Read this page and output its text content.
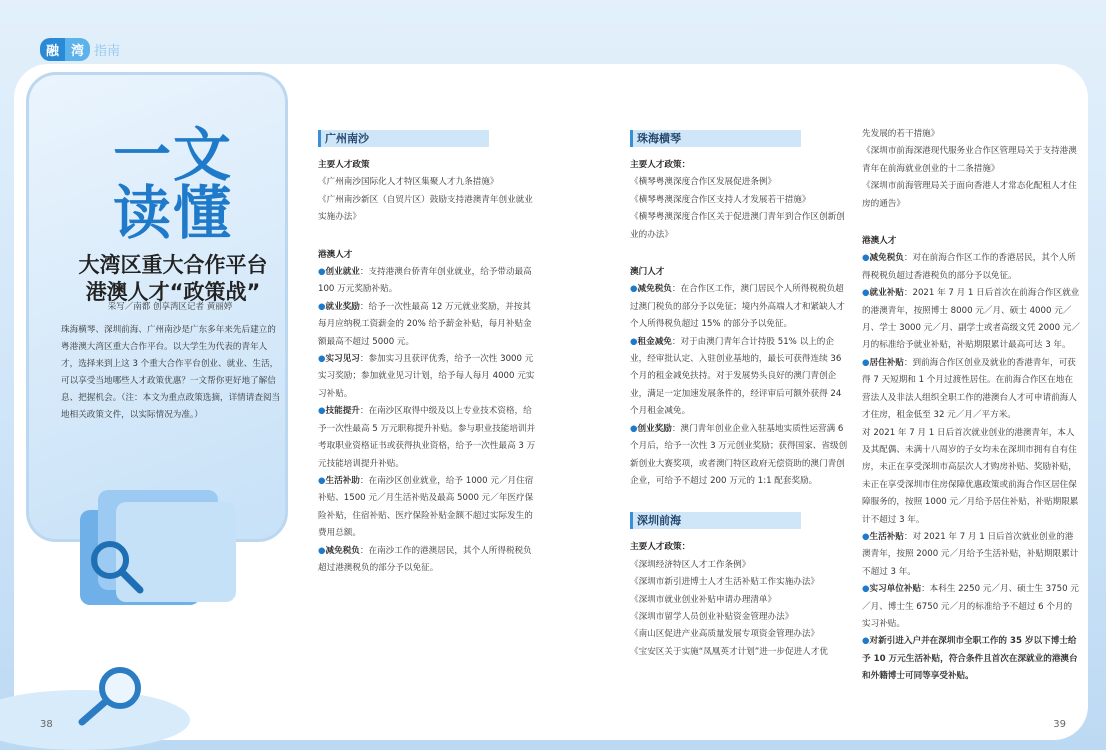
融 湾 指南
一文
读懂
大湾区重大合作平台
港澳人才“政策战”
采写／南都 创享湾区记者 黄丽婷
珠海横琴、深圳前海、广州南沙是广东多年来先后建立的粤港澳大湾区重大合作平台。以大学生为代表的青年人才，选择来到上这 3 个重大合作平台创业、就业、生活，可以享受当地哪些人才政策优惠？一文帮你更好地了解信息、把握机会。（注：本文为重点政策选摘，详情请查阅当地相关政策文件，以实际情况为准。）
广州南沙
主要人才政策
《广州南沙国际化人才特区集聚人才九条措施》
《广州南沙新区（自贸片区）鼓励支持港澳青年创业就业实施办法》
港澳人才
●创业就业：支持港澳台侨青年创业就业，给予带动最高 100 万元奖励补贴。
●就业奖励：给予一次性最高 12 万元就业奖励，并按其每月应纳税工资薪金的 20% 给予薪金补贴，每月补贴金额最高不超过 5000 元。
●实习见习：参加实习且获评优秀，给予一次性 3000 元实习奖励；参加就业见习计划，给予每人每月 4000 元实习补贴。
●技能提升：在南沙区取得中级及以上专业技术资格，给予一次性最高 5 万元职称提升补贴。参与职业技能培训并考取职业资格证书或获得执业资格，给予一次性最高 3 万元技能培训提升补贴。
●生活补助：在南沙区创业就业，给予 1000 元／月住宿补贴、1500 元／月生活补贴及最高 5000 元／年医疗保险补贴，住宿补贴、医疗保险补贴金额不超过实际发生的费用总额。
●减免税负：在南沙工作的港澳居民，其个人所得税税负超过港澳税负的部分予以免征。
珠海横琴
主要人才政策：
《横琴粤澳深度合作区发展促进条例》
《横琴粤澳深度合作区支持人才发展若干措施》
《横琴粤澳深度合作区关于促进澳门青年到合作区创新创业的办法》
澳门人才
●减免税负：在合作区工作，澳门居民个人所得税税负超过澳门税负的部分予以免征；境内外高端人才和紧缺人才个人所得税负超过 15% 的部分予以免征。
●租金减免：对于由澳门青年合计持股 51% 以上的企业，经审批认定、入驻创业基地的，最长可获得连续 36 个月的租金减免扶持。对于发展势头良好的澳门青创企业，满足一定加速发展条件的，经评审后可额外获得 24 个月租金减免。
●创业奖励：澳门青年创业企业入驻基地实质性运营满 6 个月后，给予一次性 3 万元创业奖励；获得国家、省级创新创业大赛奖项，或者澳门特区政府无偿资助的澳门青创企业，可给予不超过 200 万元的 1:1 配套奖励。
深圳前海
主要人才政策：
《深圳经济特区人才工作条例》
《深圳市新引进博士人才生活补贴工作实施办法》
《深圳市就业创业补贴申请办理清单》
《深圳市留学人员创业补贴资金管理办法》
《南山区促进产业高质量发展专项资金管理办法》
《宝安区关于实施“凤凰英才计划”进一步促进人才优
先发展的若干措施》
《深圳市前海深港现代服务业合作区管理局关于支持港澳青年在前海就业创业的十二条措施》
《深圳市前海管理局关于面向香港人才常态化配租人才住房的通告》
港澳人才
●减免税负：对在前海合作区工作的香港居民，其个人所得税税负超过香港税负的部分予以免征。
●就业补贴：2021 年 7 月 1 日后首次在前海合作区就业的港澳青年，按照博士 8000 元／月、硕士 4000 元／月、学士 3000 元／月、副学士或者高级文凭 2000 元／月的标准给予就业补贴，补贴期限累计最高可达 3 年。
●居住补贴：到前海合作区创业及就业的香港青年，可获得 7 天短期和 1 个月过渡性居住。在前海合作区在地在营法人及非法人组织全职工作的港澳台人才可申请前海人才住房，租金低至 32 元／月／平方米。
对 2021 年 7 月 1 日后首次就业创业的港澳青年，本人及其配偶、未满十八周岁的子女均未在深圳市拥有自有住房，未正在享受深圳市高层次人才购房补贴、奖励补贴，未正在享受深圳市住房保障优惠政策或前海合作区居住保障服务的，按照 1000 元／月给予居住补贴，补贴期限累计不超过 3 年。
●生活补贴：对 2021 年 7 月 1 日后首次就业创业的港澳青年，按照 2000 元／月给予生活补贴，补贴期限累计不超过 3 年。
●实习单位补贴：本科生 2250 元／月、硕士生 3750 元／月、博士生 6750 元／月的标准给予不超过 6 个月的实习补贴。
●对新引进入户并在深圳市全职工作的 35 岁以下博士给予 10 万元生活补贴，符合条件且首次在深就业的港澳台和外籍博士可同等享受补贴。
38	39
